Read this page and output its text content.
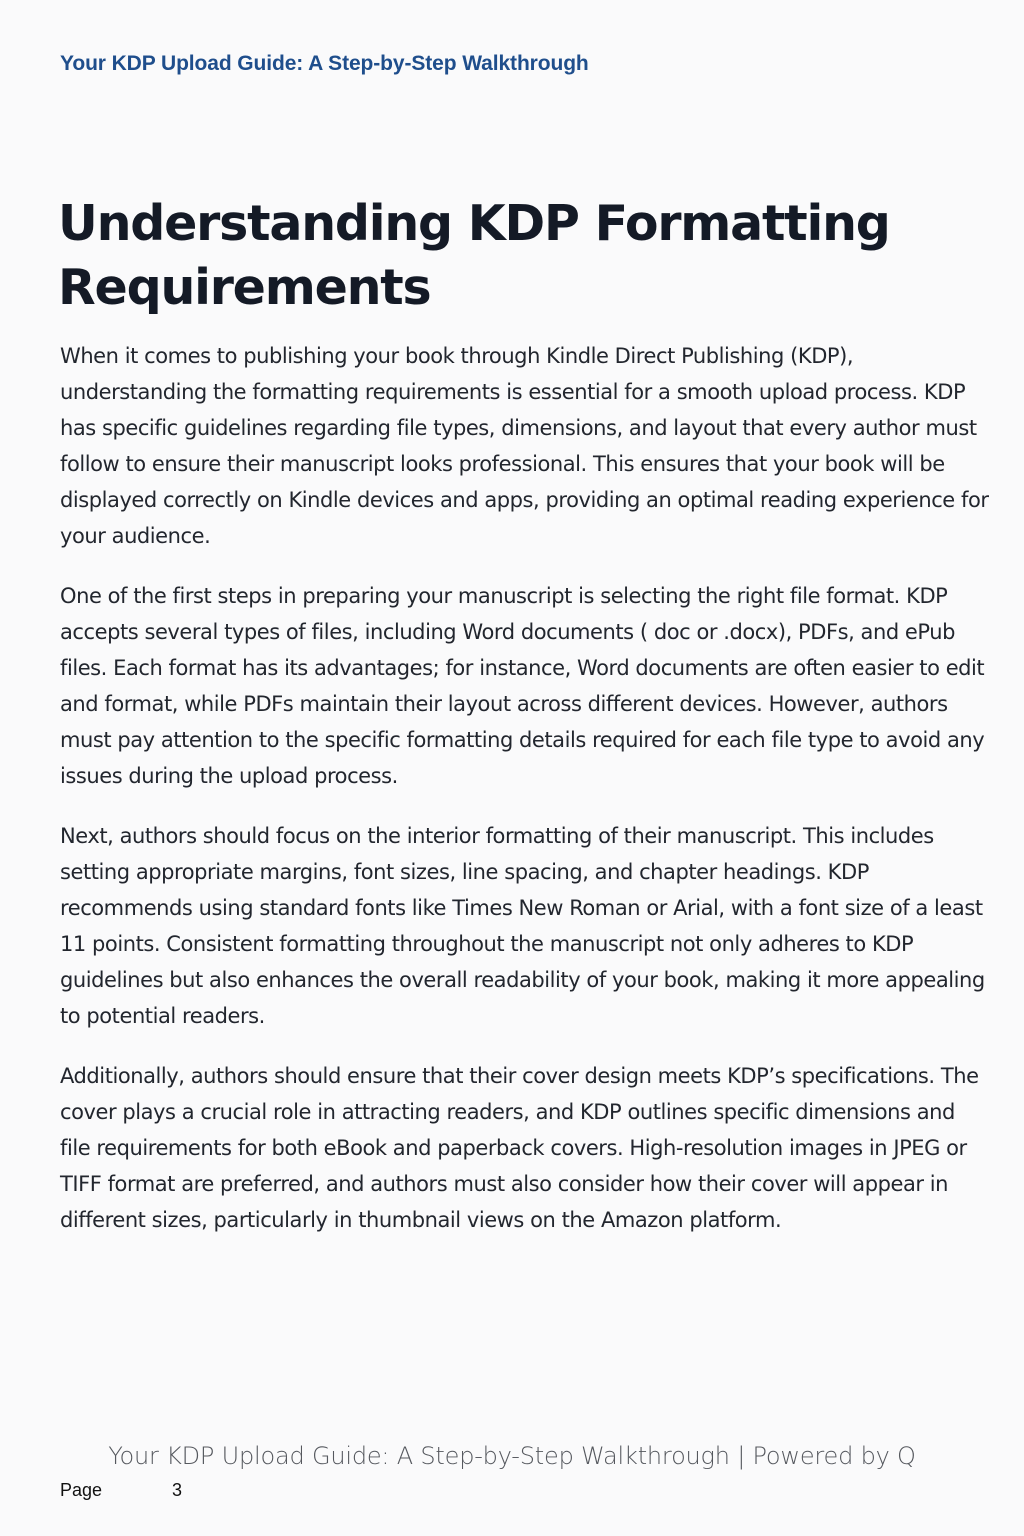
Your KDP Upload Guide: A Step-by-Step Walkthrough
Understanding KDP Formatting Requirements

When it comes to publishing your book through Kindle Direct Publishing (KDP), understanding the formatting requirements is essential for a smooth upload process. KDP has specific guidelines regarding file types, dimensions, and layout that every author must follow to ensure their manuscript looks professional. This ensures that your book will be displayed correctly on Kindle devices and apps, providing an optimal reading experience for your audience.

One of the first steps in preparing your manuscript is selecting the right file format. KDP accepts several types of files, including Word documents ( doc or .docx), PDFs, and ePub files. Each format has its advantages; for instance, Word documents are often easier to edit and format, while PDFs maintain their layout across different devices. However, authors must pay attention to the specific formatting details required for each file type to avoid any issues during the upload process.

Next, authors should focus on the interior formatting of their manuscript. This includes setting appropriate margins, font sizes, line spacing, and chapter headings. KDP recommends using standard fonts like Times New Roman or Arial, with a font size of a least 11 points. Consistent formatting throughout the manuscript not only adheres to KDP guidelines but also enhances the overall readability of your book, making it more appealing to potential readers.

Additionally, authors should ensure that their cover design meets KDP’s specifications. The cover plays a crucial role in attracting readers, and KDP outlines specific dimensions and file requirements for both eBook and paperback covers. High-resolution images in JPEG or TIFF format are preferred, and authors must also consider how their cover will appear in different sizes, particularly in thumbnail views on the Amazon platform.

Your KDP Upload Guide: A Step-by-Step Walkthrough | Powered by Q
Page	3
